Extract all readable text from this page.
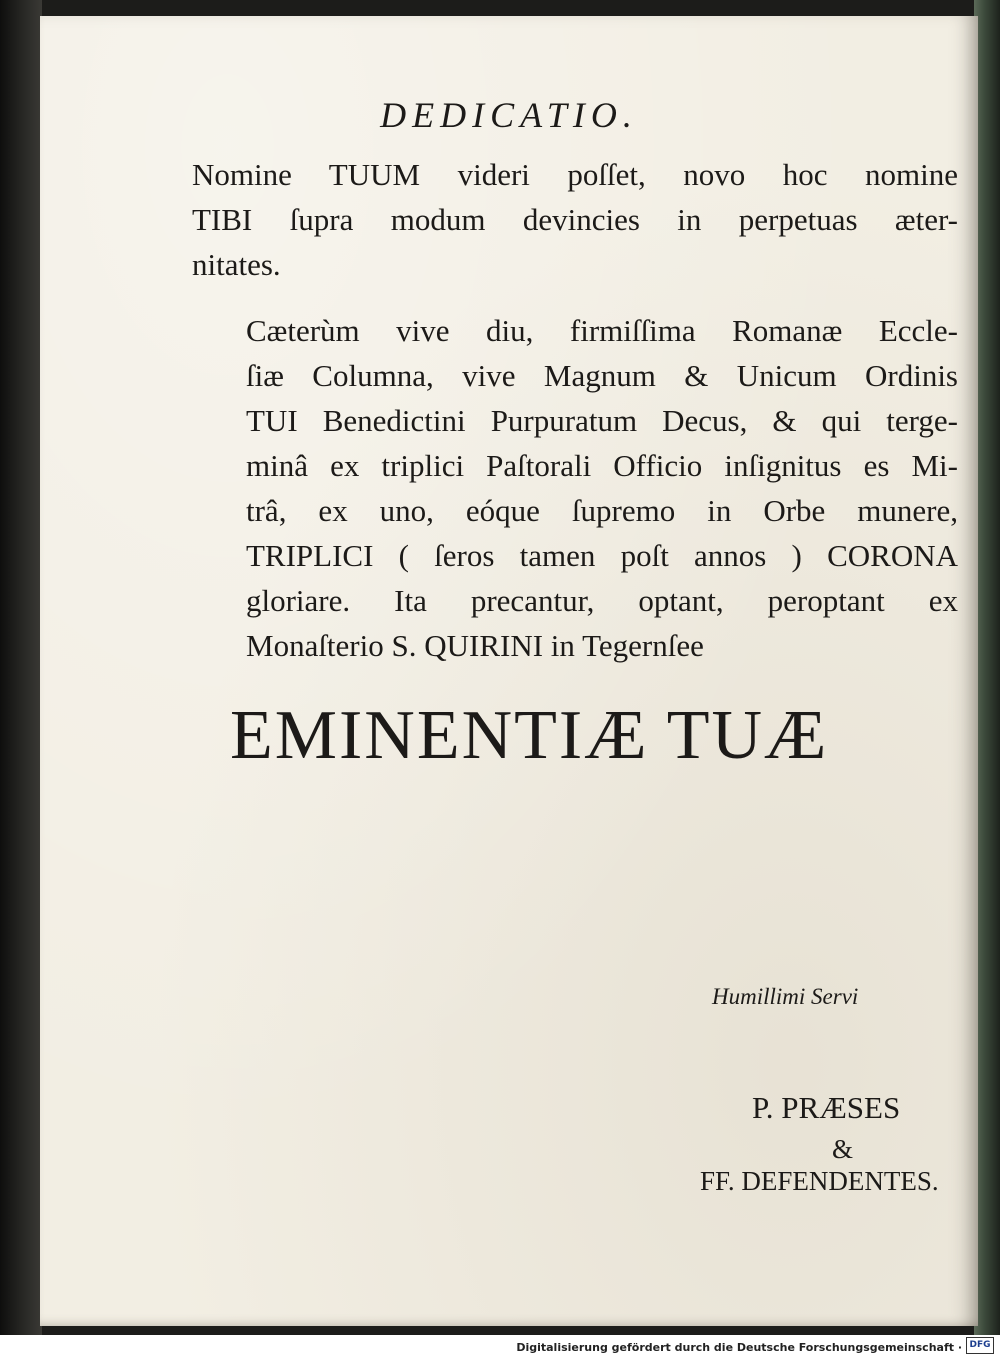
DEDICATIO.
Nomine TUUM videri poſſet, novo hoc nomine
TIBI ſupra modum devincies in perpetuas æter-
nitates.
Cæterùm vive diu, firmiſſima Romanæ Eccle-
ſiæ Columna, vive Magnum & Unicum Ordinis
TUI Benedictini Purpuratum Decus, & qui terge-
minâ ex triplici Paſtorali Officio inſignitus es Mi-
trâ, ex uno, eóque ſupremo in Orbe munere,
TRIPLICI ( ſeros tamen poſt annos ) CORONA
gloriare. Ita precantur, optant, peroptant ex
Monaſterio S. QUIRINI in Tegernſee
EMINENTIÆ TUÆ
Humillimi Servi
P. PRÆSES
&
FF. DEFENDENTES.
Digitalisierung gefördert durch die Deutsche Forschungsgemeinschaft · DFG
